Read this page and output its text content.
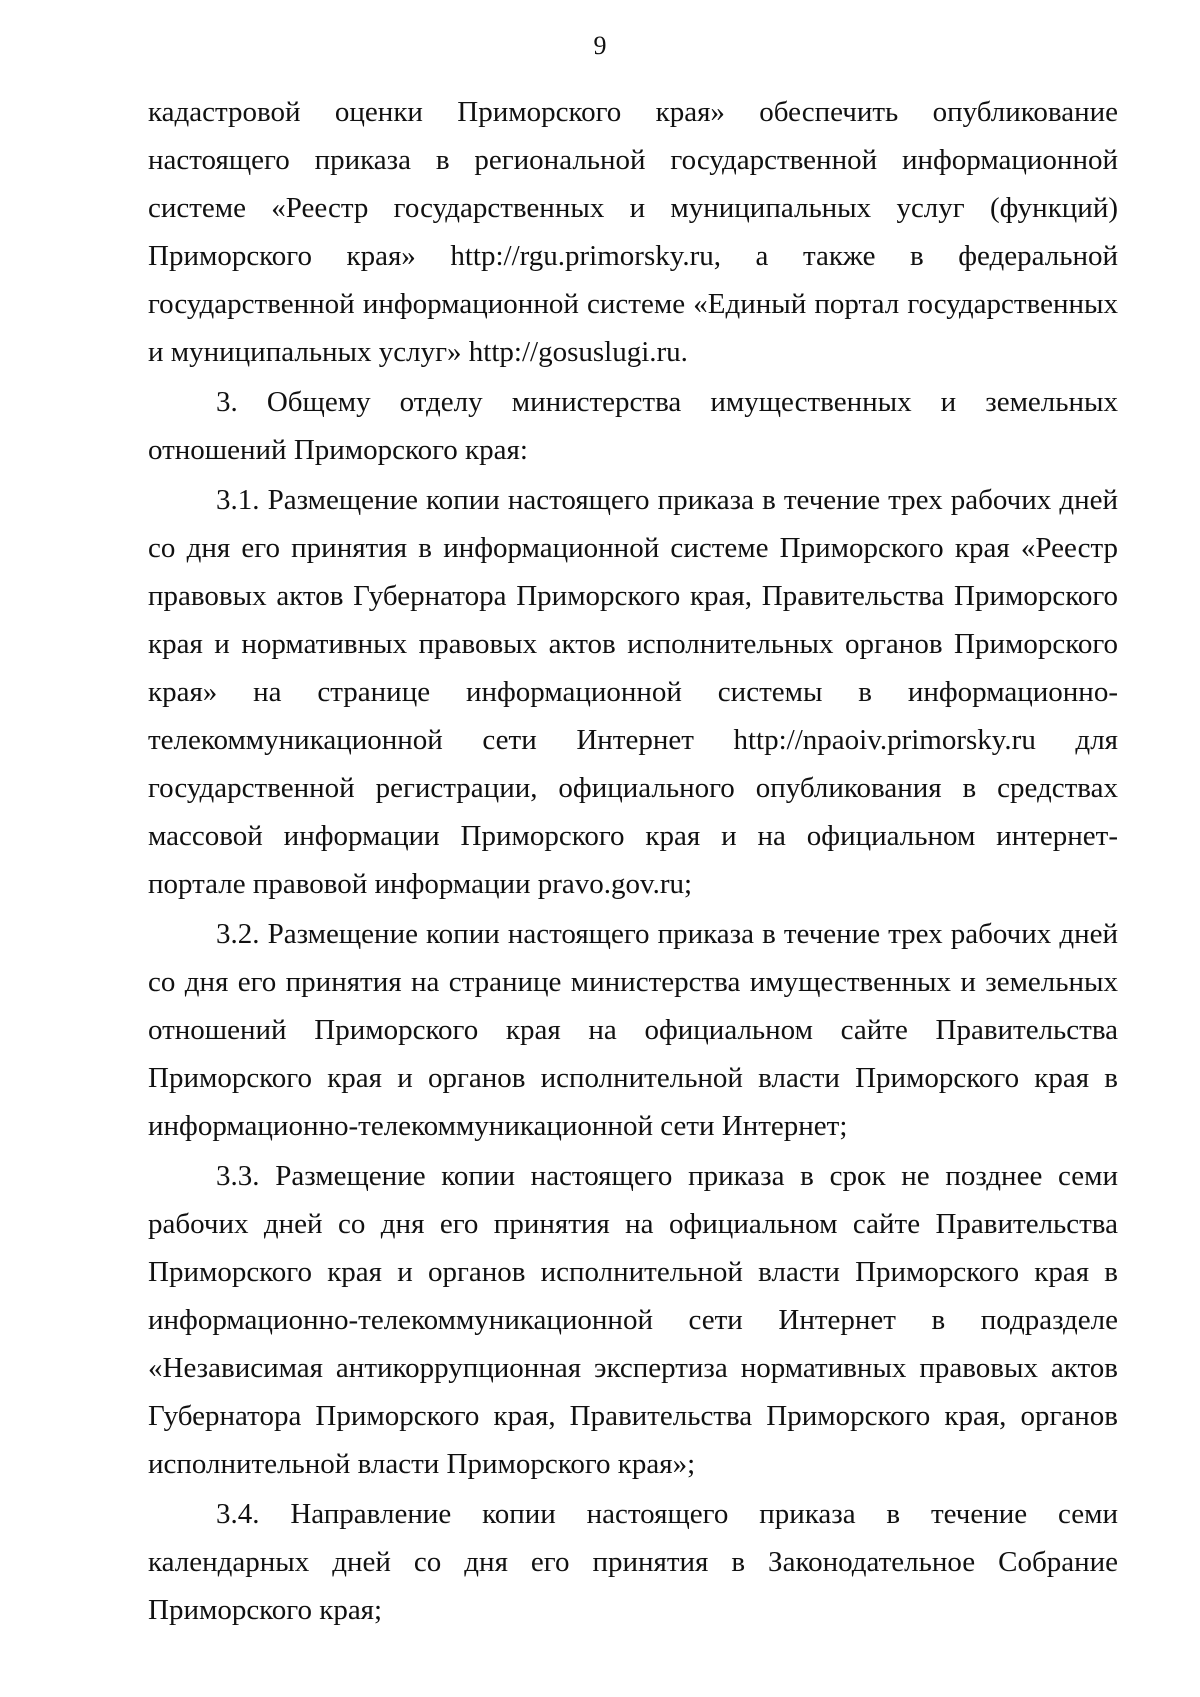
9

кадастровой оценки Приморского края» обеспечить опубликование настоящего приказа в региональной государственной информационной системе «Реестр государственных и муниципальных услуг (функций) Приморского края» http://rgu.primorsky.ru, а также в федеральной государственной информационной системе «Единый портал государственных и муниципальных услуг» http://gosuslugi.ru.

3. Общему отделу министерства имущественных и земельных отношений Приморского края:

3.1. Размещение копии настоящего приказа в течение трех рабочих дней со дня его принятия в информационной системе Приморского края «Реестр правовых актов Губернатора Приморского края, Правительства Приморского края и нормативных правовых актов исполнительных органов Приморского края» на странице информационной системы в информационно-телекоммуникационной сети Интернет http://npaoiv.primorsky.ru для государственной регистрации, официального опубликования в средствах массовой информации Приморского края и на официальном интернет-портале правовой информации pravo.gov.ru;

3.2. Размещение копии настоящего приказа в течение трех рабочих дней со дня его принятия на странице министерства имущественных и земельных отношений Приморского края на официальном сайте Правительства Приморского края и органов исполнительной власти Приморского края в информационно-телекоммуникационной сети Интернет;

3.3. Размещение копии настоящего приказа в срок не позднее семи рабочих дней со дня его принятия на официальном сайте Правительства Приморского края и органов исполнительной власти Приморского края в информационно-телекоммуникационной сети Интернет в подразделе «Независимая антикоррупционная экспертиза нормативных правовых актов Губернатора Приморского края, Правительства Приморского края, органов исполнительной власти Приморского края»;

3.4. Направление копии настоящего приказа в течение семи календарных дней со дня его принятия в Законодательное Собрание Приморского края;
